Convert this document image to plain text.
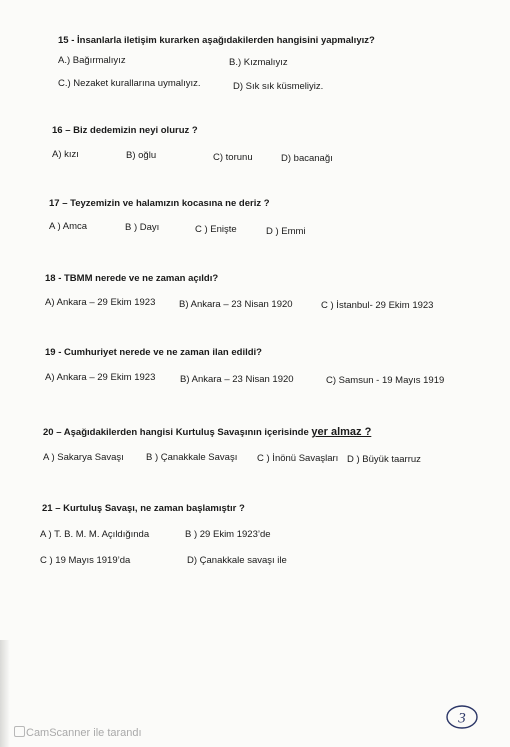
15 - İnsanlarla iletişim kurarken aşağıdakilerden hangisini yapmalıyız?
A.) Bağırmalıyız	B.) Kızmalıyız
C.) Nezaket kurallarına uymalıyız.	D) Sık sık küsmeliyiz.
16 – Biz dedemizin neyi oluruz ?
A) kızı	B) oğlu	C) torunu	D) bacanağı
17 – Teyzemizin ve halamızın kocasına ne deriz ?
A ) Amca	B ) Dayı	C ) Enişte	D ) Emmi
18 - TBMM nerede ve ne zaman açıldı?
A) Ankara – 29 Ekim 1923 B) Ankara – 23 Nisan 1920	C ) İstanbul- 29 Ekim 1923
19 - Cumhuriyet nerede ve ne zaman ilan edildi?
A) Ankara – 29 Ekim 1923	B) Ankara – 23 Nisan 1920	C) Samsun - 19 Mayıs 1919
20 – Aşağıdakilerden hangisi Kurtuluş Savaşının içerisinde yer almaz ?
A ) Sakarya Savaşı B ) Çanakkale Savaşı C ) İnönü Savaşları D ) Büyük taarruz
21 – Kurtuluş Savaşı, ne zaman başlamıştır ?
A ) T. B. M. M. Açıldığında	B ) 29 Ekim 1923’de
C ) 19 Mayıs 1919’da	D) Çanakkale savaşı ile
3
CamScanner ile tarandı
